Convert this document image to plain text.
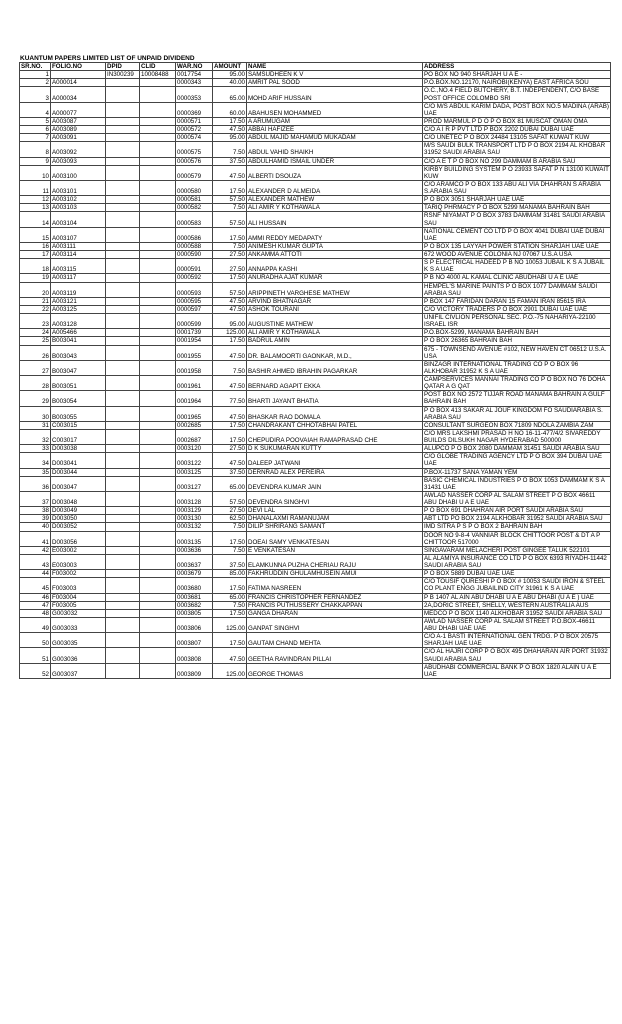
KUANTUM PAPERS LIMITED LIST OF UNPAID DIVIDEND
SR.NO.	FOLIO.NO	DPID	CLID	WAR.NO	AMOUNT	NAME	ADDRESS
1		IN300239	10008488	0017754	95.00	SAMSUDHEEN K V	PO BOX NO 940 SHARJAH U A E -
2	A000014			0000343	40.00	AMRIT PAL SOOD	P.O.BOX.NO.12170, NAIROBI(KENYA) EAST AFRICA SOU
3	A000034			0000353	65.00	MOHD ARIF HUSSAIN	O.C.,NO.4 FIELD BUTCHERY, B.T. INDEPENDENT, C/O BASE POST OFFICE COLOMBO SRI
4	A000077			0000369	60.00	ABAHUSEN MOHAMMED	C/O M/S ABDUL KARIM DADA, POST BOX NO.5 MADINA (ARAB) UAE
5	A003087			0000571	17.50	A ARUMUGAM	PROD MARMUL P D O P O BOX 81 MUSCAT OMAN OMA
6	A003089			0000572	47.50	ABBAI HAFIZEE	C/O A I R P PVT LTD P BOX 2202 DUBAI DUBAI UAE
7	A003091			0000574	95.00	ABDUL MAJID MAHAMUD MUKADAM	C/O UNETEC P O BOX 24484 13105 SAFAT KUWAIT KUW
8	A003092			0000575	7.50	ABDUL VAHID SHAIKH	M/S SAUDI BULK TRANSPORT LTD P O BOX 2194 AL KHOBAR 31952 SAUDI ARABIA SAU
9	A003093			0000576	37.50	ABDULHAMID ISMAIL UNDER	C/O A E T P O BOX NO 299 DAMMAM B ARABIA SAU
10	A003100			0000579	47.50	ALBERTI DSOUZA	KIRBY BUILDING SYSTEM P O 23933 SAFAT P N 13100 KUWAIT KUW
11	A003101			0000580	17.50	ALEXANDER D ALMEIDA	C/O ARAMCO P O BOX 133 ABU ALI VIA DHAHRAN S ARABIA S.ARABIA SAU
12	A003102			0000581	57.50	ALEXANDER MATHEW	P O BOX 3051 SHARJAH UAE UAE
13	A003103			0000582	7.50	ALI AMIR Y KOTHAWALA	TARIQ PHRMACY P O BOX 5299 MANAMA BAHRAIN BAH
14	A003104			0000583	57.50	ALI HUSSAIN	RSNF NIYAMAT P O BOX 3783 DAMMAM 31481 SAUDI ARABIA SAU
15	A003107			0000586	17.50	AMMI REDDY MEDAPATY	NATIONAL CEMENT CO LTD P O BOX 4041 DUBAI UAE DUBAI UAE
16	A003111			0000588	7.50	ANIMESH KUMAR GUPTA	P O BOX 135 LAYYAH POWER STATION SHARJAH UAE UAE
17	A003114			0000590	27.50	ANKAMMA ATTOTI	672 WOOD AVENUE COLONIA NJ 07067 U.S.A USA
18	A003115			0000591	27.50	ANNAPPA KASHI	S P ELECTRICAL HADEED P B NO 10053 JUBAIL K S A JUBAIL K S A UAE
19	A003117			0000592	17.50	ANURADHA AJAT KUMAR	P B NO 4000 AL KAMAL CLINIC ABUDHABI U A E UAE
20	A003119			0000593	57.50	ARIPPINETH VARGHESE MATHEW	HEMPEL'S MARINE PAINTS P O BOX 1077 DAMMAM SAUDI ARABIA SAU
21	A003121			0000595	47.50	ARVIND BHATNAGAR	P BOX 147 FARIDAN DARAN 15 FAMAN IRAN 85615 IRA
22	A003125			0000597	47.50	ASHOK TOURANI	C/O VICTORY TRADERS P O BOX 2901 DUBAI UAE UAE
23	A003128			0000599	95.00	AUGUSTINE MATHEW	UNIFIL CIVLION PERSONAL SEC. P.O.-75 NAHARIYA-22100 ISRAEL ISR
24	A005466			0001739	125.00	ALI AMIR Y KOTHAWALA	P.O.BOX-5299, MANAMA BAHRAIN BAH
25	B003041			0001954	17.50	BADRUL AMIN	P O BOX 26365 BAHRAIN BAH
26	B003043			0001955	47.50	DR. BALAMOORTI GAONKAR, M.D.,	675 - TOWNSEND AVENUE #102, NEW HAVEN CT 06512 U.S.A. USA
27	B003047			0001958	7.50	BASHIR AHMED IBRAHIN PAGARKAR	BINZAGR INTERNATIONAL TRADING CO P O BOX 96 ALKHOBAR 31952 K S A UAE
28	B003051			0001961	47.50	BERNARD AGAPIT EKKA	CAMPSERVICES MANNAI TRADING CO P O BOX NO 76 DOHA QATAR A G QAT
29	B003054			0001964	77.50	BHARTI JAYANT BHATIA	POST BOX NO 2572 TIJJAR ROAD MANAMA BAHRAIN A GULF BAHRAIN BAH
30	B003055			0001965	47.50	BHASKAR RAO DOMALA	P O BOX 413 SAKAR AL JOUF KINGDOM FO SAUDIARABIA S. ARABIA SAU
31	C003015			0002685	17.50	CHANDRAKANT CHHOTABHAI PATEL	CONSULTANT SURGEON BOX 71809 NDOLA ZAMBIA ZAM
32	C003017			0002687	17.50	CHEPUDIRA POOVAIAH RAMAPRASAD CHE	C/O MRS LAKSHMI PRASAD H NO 16-11-477/4/2 SIVAREDDY BUILDS DILSUKH NAGAR HYDERABAD 500000
33	D003038			0003120	27.50	D K SUKUMARAN KUTTY	ALUPCO P O BOX 2080 DAMMAM 31451 SAUDI ARABIA SAU
34	D003041			0003122	47.50	DALEEP JATWANI	C/O GLOBE TRADING AGENCY LTD P O BOX 394 DUBAI UAE UAE
35	D003044			0003125	37.50	DERNRAD ALEX PEREIRA	P.BOX-11737 SANA YAMAN YEM
36	D003047			0003127	65.00	DEVENDRA KUMAR JAIN	BASIC CHEMICAL INDUSTRIES P O BOX 1053 DAMMAM K S A 31431 UAE
37	D003048			0003128	57.50	DEVENDRA SINGHVI	AWLAD NASSER CORP AL SALAM STREET P O BOX 46611 ABU DHABI U A E UAE
38	D003049			0003129	27.50	DEVI LAL	P O BOX 691 DHAHRAN AIR PORT SAUDI ARABIA SAU
39	D003050			0003130	62.50	DHANALAXMI RAMANUJAM	ABT LTD PO BOX 2194 ALKHOBAR 31952 SAUDI ARABIA SAU
40	D003052			0003132	7.50	DILIP SHRIRANG SAMANT	IMD SITRA P S P O BOX 2 BAHRAIN BAH
41	D003056			0003135	17.50	DOEAI SAMY VENKATESAN	DOOR NO 9-8-4 VANNIAR BLOCK CHITTOOR POST & DT A P CHITTOOR 517000
42	E003002			0003636	7.50	E VENKATESAN	SINGAVARAM MELACHERI POST GINGEE TALUK 522101
43	E003003			0003637	37.50	ELAMKUNNA PUZHA CHERIAU RAJU	AL ALAMIYA INSURANCE CO LTD P O BOX 6393 RIYADH-11442 SAUDI ARABIA SAU
44	F003002			0003679	85.00	FAKHRUDDIN GHULAMHUSEIN AMUI	P O BOX 5889 DUBAI UAE UAE
45	F003003			0003680	17.50	FATIMA NASREEN	C/O TOUSIF QURESHI P O BOX # 10053 SAUDI IRON & STEEL CO PLANT ENGG JUBAILIND CITY 31961 K S A UAE
46	F003004			0003681	65.00	FRANCIS CHRISTOPHER FERNANDEZ	P B 1407 AL AIN ABU DHABI U A E ABU DHABI (U A E ) UAE
47	F003005			0003682	7.50	FRANCIS PUTHUSSERY CHAKKAPPAN	2A,DORIC STREET, SHELLY, WESTERN AUSTRALIA AUS
48	G003032			0003805	17.50	GANGA DHARAN	MEDCO P O BOX 1140 ALKHOBAR 31952 SAUDI ARABIA SAU
49	G003033			0003806	125.00	GANPAT SINGHVI	AWLAD NASSER CORP AL SALAM STREET P.O.BOX-46611 ABU DHABI UAE UAE
50	G003035			0003807	17.50	GAUTAM CHAND MEHTA	C/O A-1 BASTI INTERNATIONAL GEN TRDG. P O BOX 20575 SHARJAH UAE UAE
51	G003036			0003808	47.50	GEETHA RAVINDRAN PILLAI	C/O AL HAJRI CORP P O BOX 495 DHAHARAN AIR PORT 31932 SAUDI ARABIA SAU
52	G003037			0003809	125.00	GEORGE THOMAS	ABUDHABI COMMERCIAL BANK P O BOX 1820 ALAIN U A E UAE
